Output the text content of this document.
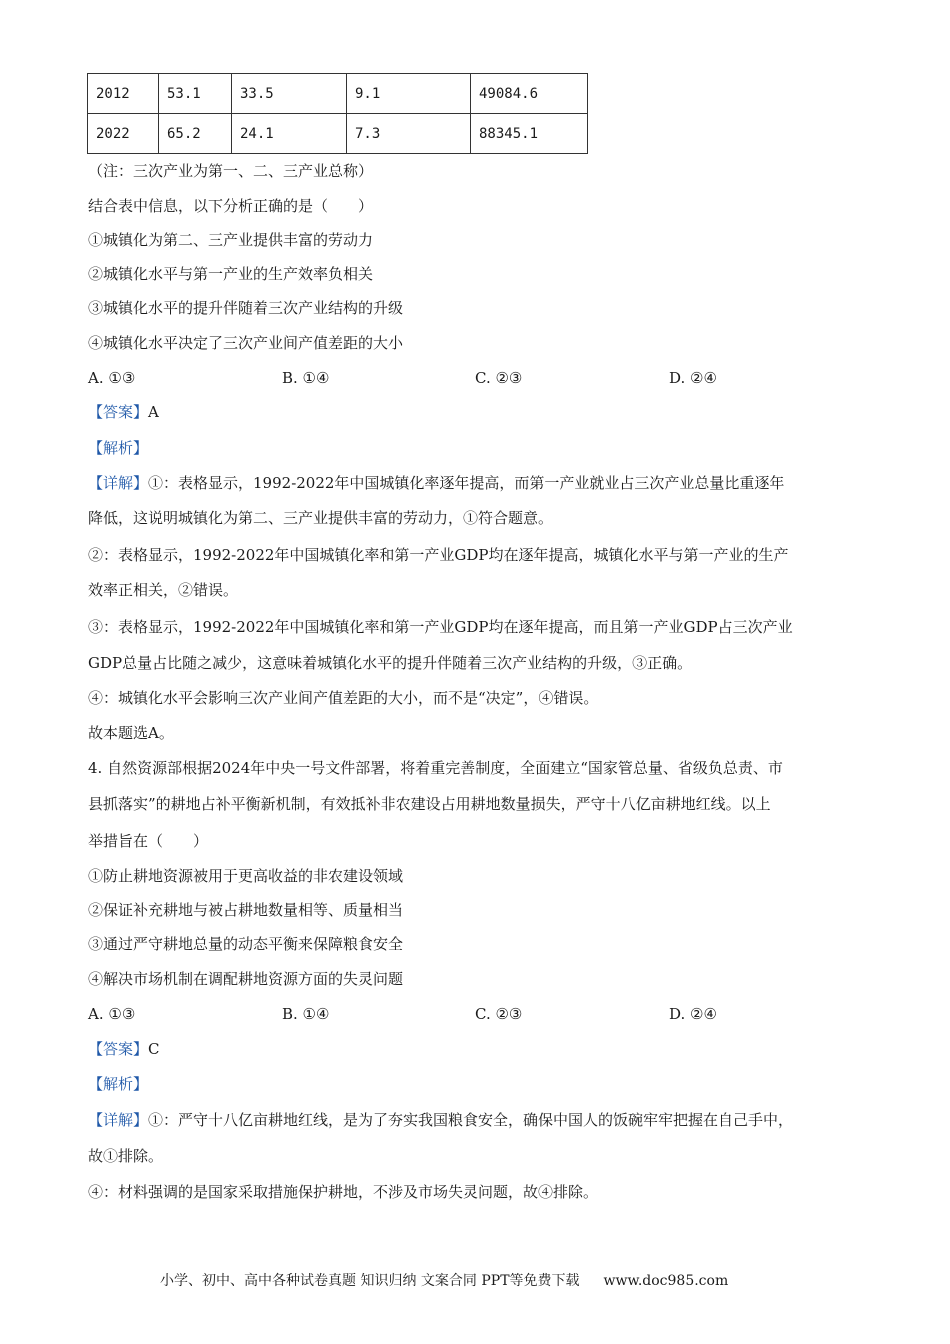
2012	53.1	33.5	9.1	49084.6
2022	65.2	24.1	7.3	88345.1
（注：三次产业为第一、二、三产业总称）
结合表中信息，以下分析正确的是（　　）
①城镇化为第二、三产业提供丰富的劳动力
②城镇化水平与第一产业的生产效率负相关
③城镇化水平的提升伴随着三次产业结构的升级
④城镇化水平决定了三次产业间产值差距的大小
A. ①③	B. ①④	C. ②③	D. ②④
【答案】A
【解析】
【详解】①：表格显示，1992-2022年中国城镇化率逐年提高，而第一产业就业占三次产业总量比重逐年
降低，这说明城镇化为第二、三产业提供丰富的劳动力，①符合题意。
②：表格显示，1992-2022年中国城镇化率和第一产业GDP均在逐年提高，城镇化水平与第一产业的生产
效率正相关，②错误。
③：表格显示，1992-2022年中国城镇化率和第一产业GDP均在逐年提高，而且第一产业GDP占三次产业
GDP总量占比随之减少，这意味着城镇化水平的提升伴随着三次产业结构的升级，③正确。
④：城镇化水平会影响三次产业间产值差距的大小，而不是“决定”，④错误。
故本题选A。
4. 自然资源部根据2024年中央一号文件部署，将着重完善制度，全面建立“国家管总量、省级负总责、市
县抓落实”的耕地占补平衡新机制，有效抵补非农建设占用耕地数量损失，严守十八亿亩耕地红线。以上
举措旨在（　　）
①防止耕地资源被用于更高收益的非农建设领域
②保证补充耕地与被占耕地数量相等、质量相当
③通过严守耕地总量的动态平衡来保障粮食安全
④解决市场机制在调配耕地资源方面的失灵问题
A. ①③	B. ①④	C. ②③	D. ②④
【答案】C
【解析】
【详解】①：严守十八亿亩耕地红线，是为了夯实我国粮食安全，确保中国人的饭碗牢牢把握在自己手中，
故①排除。
④：材料强调的是国家采取措施保护耕地，不涉及市场失灵问题，故④排除。
小学、初中、高中各种试卷真题 知识归纳 文案合同 PPT等免费下载 www.doc985.com
